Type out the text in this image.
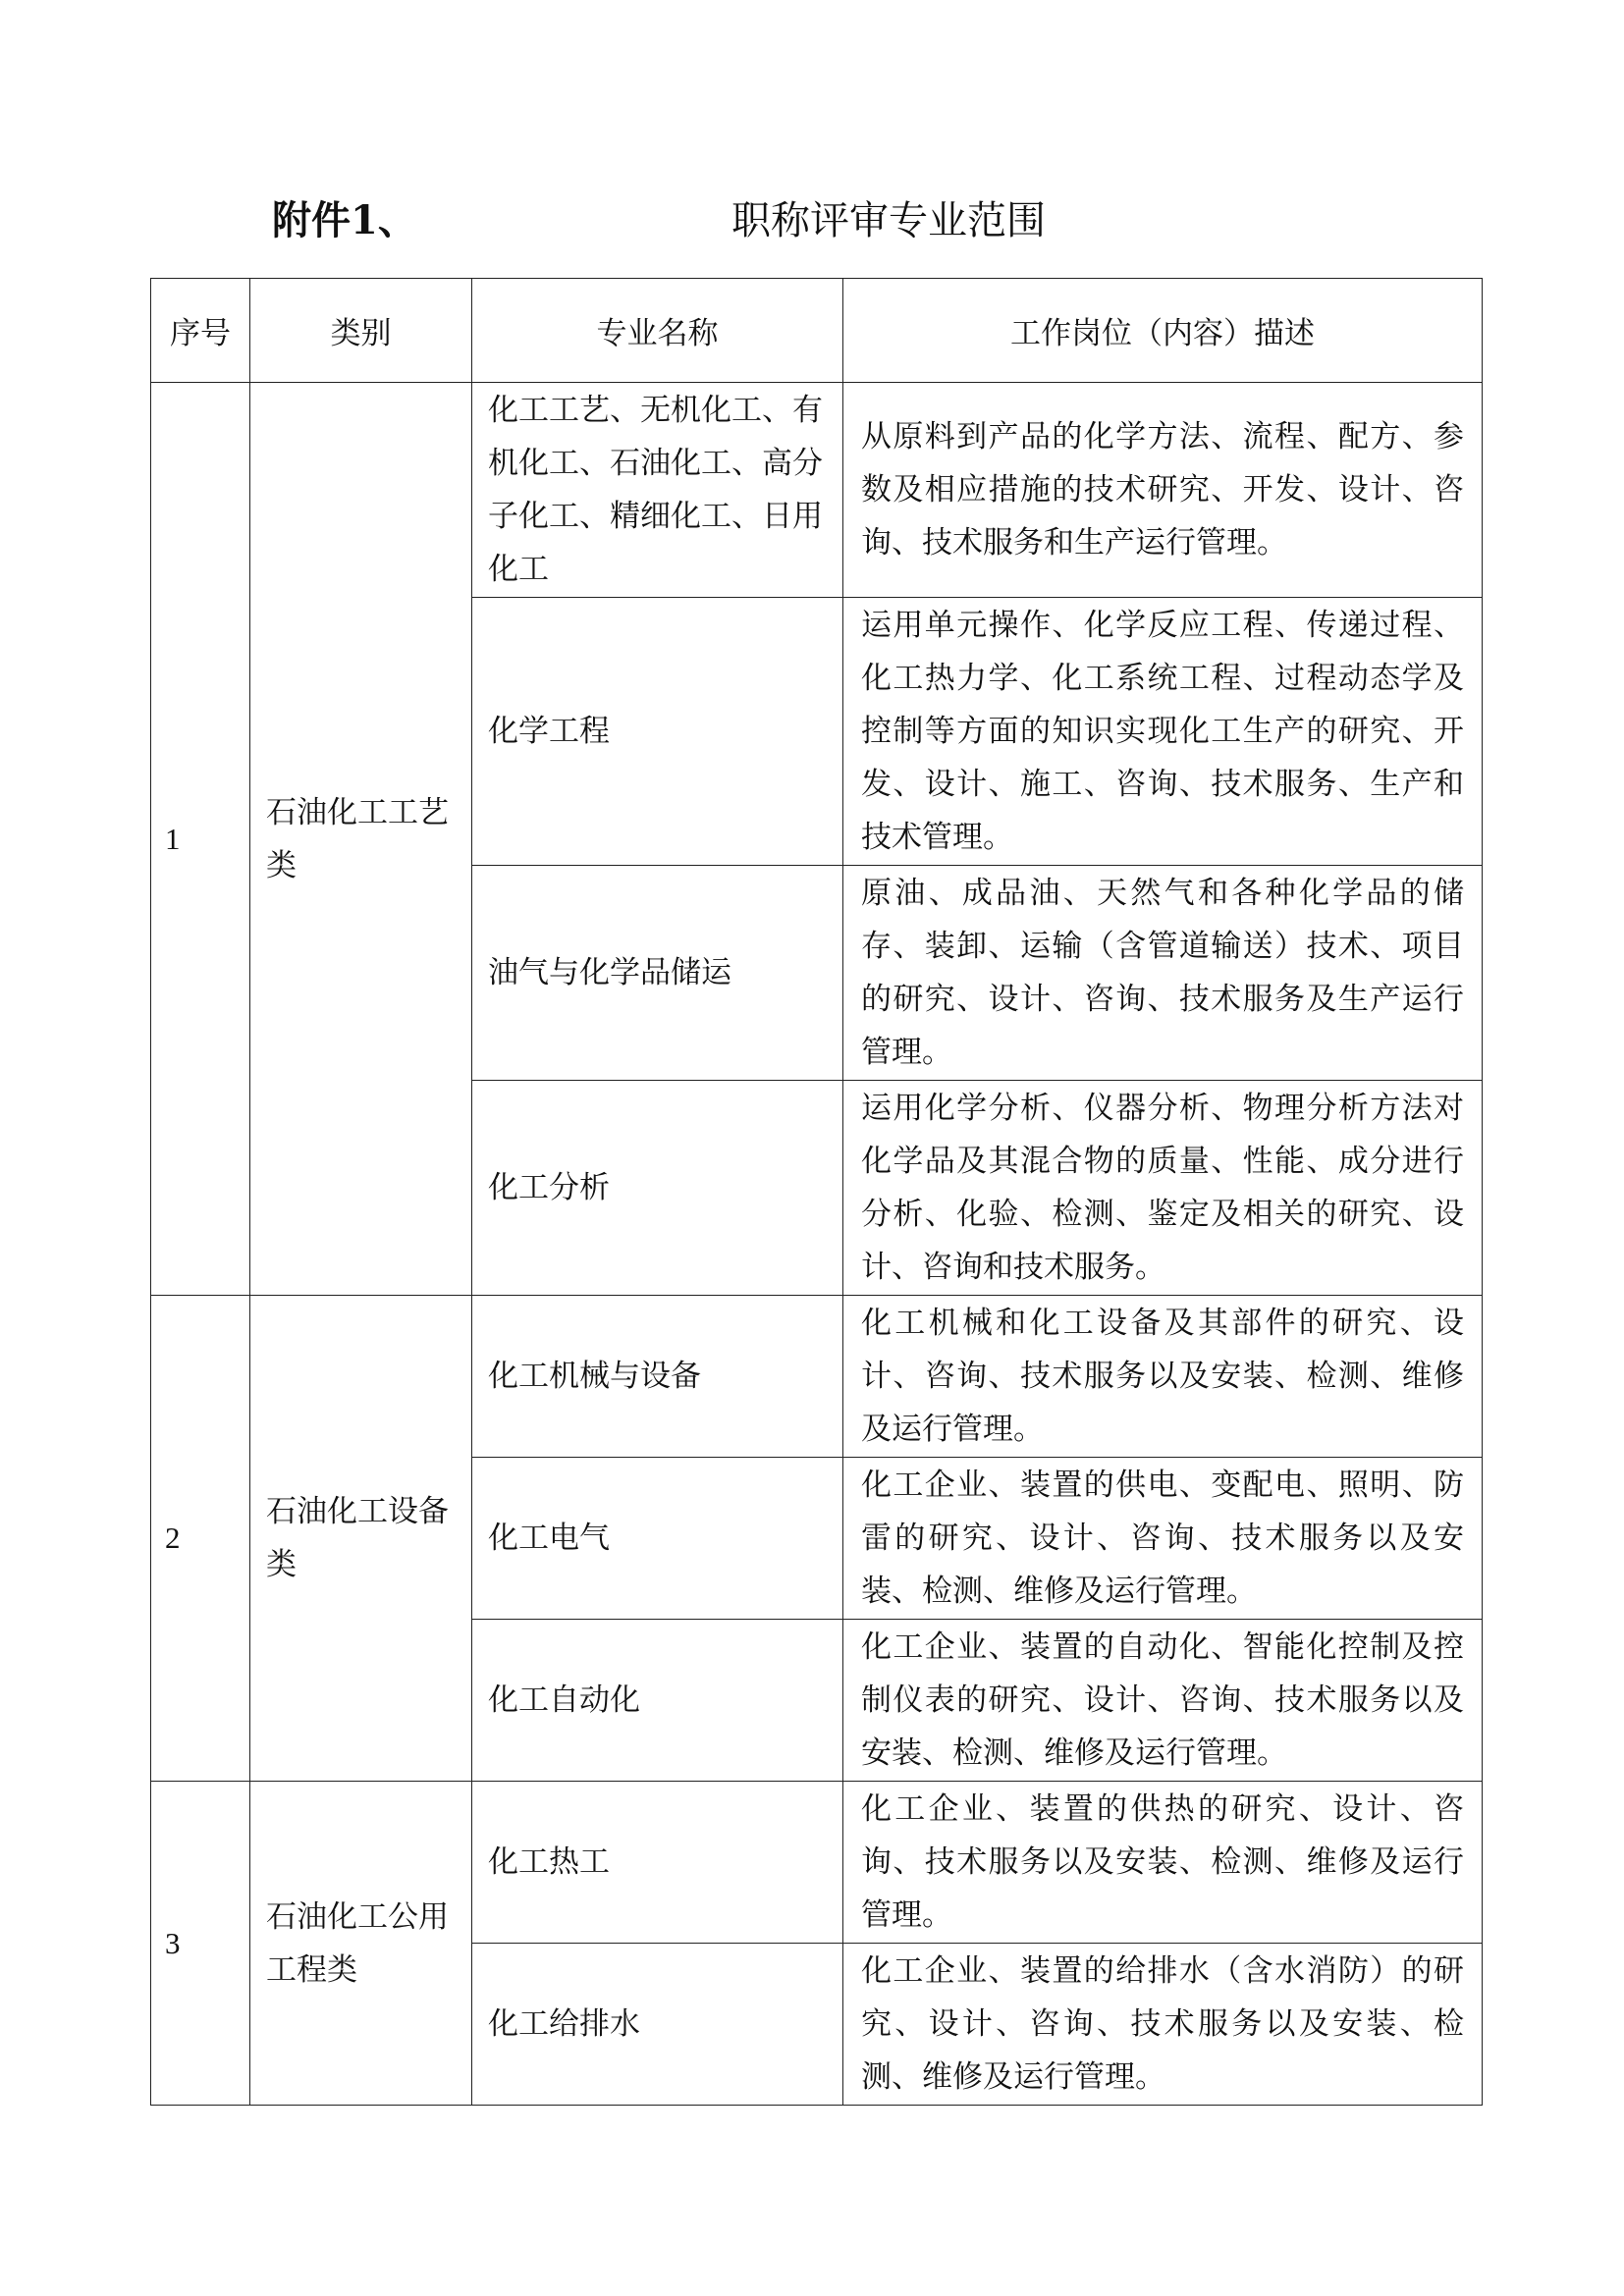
附件1、	职称评审专业范围
序号	类别	专业名称	工作岗位（内容）描述
1	石油化工工艺类	化工工艺、无机化工、有机化工、石油化工、高分子化工、精细化工、日用化工	从原料到产品的化学方法、流程、配方、参数及相应措施的技术研究、开发、设计、咨询、技术服务和生产运行管理。
		化学工程	运用单元操作、化学反应工程、传递过程、化工热力学、化工系统工程、过程动态学及控制等方面的知识实现化工生产的研究、开发、设计、施工、咨询、技术服务、生产和技术管理。
		油气与化学品储运	原油、成品油、天然气和各种化学品的储存、装卸、运输（含管道输送）技术、项目的研究、设计、咨询、技术服务及生产运行管理。
		化工分析	运用化学分析、仪器分析、物理分析方法对化学品及其混合物的质量、性能、成分进行分析、化验、检测、鉴定及相关的研究、设计、咨询和技术服务。
2	石油化工设备类	化工机械与设备	化工机械和化工设备及其部件的研究、设计、咨询、技术服务以及安装、检测、维修及运行管理。
		化工电气	化工企业、装置的供电、变配电、照明、防雷的研究、设计、咨询、技术服务以及安装、检测、维修及运行管理。
		化工自动化	化工企业、装置的自动化、智能化控制及控制仪表的研究、设计、咨询、技术服务以及安装、检测、维修及运行管理。
3	石油化工公用工程类	化工热工	化工企业、装置的供热的研究、设计、咨询、技术服务以及安装、检测、维修及运行管理。
		化工给排水	化工企业、装置的给排水（含水消防）的研究、设计、咨询、技术服务以及安装、检测、维修及运行管理。
